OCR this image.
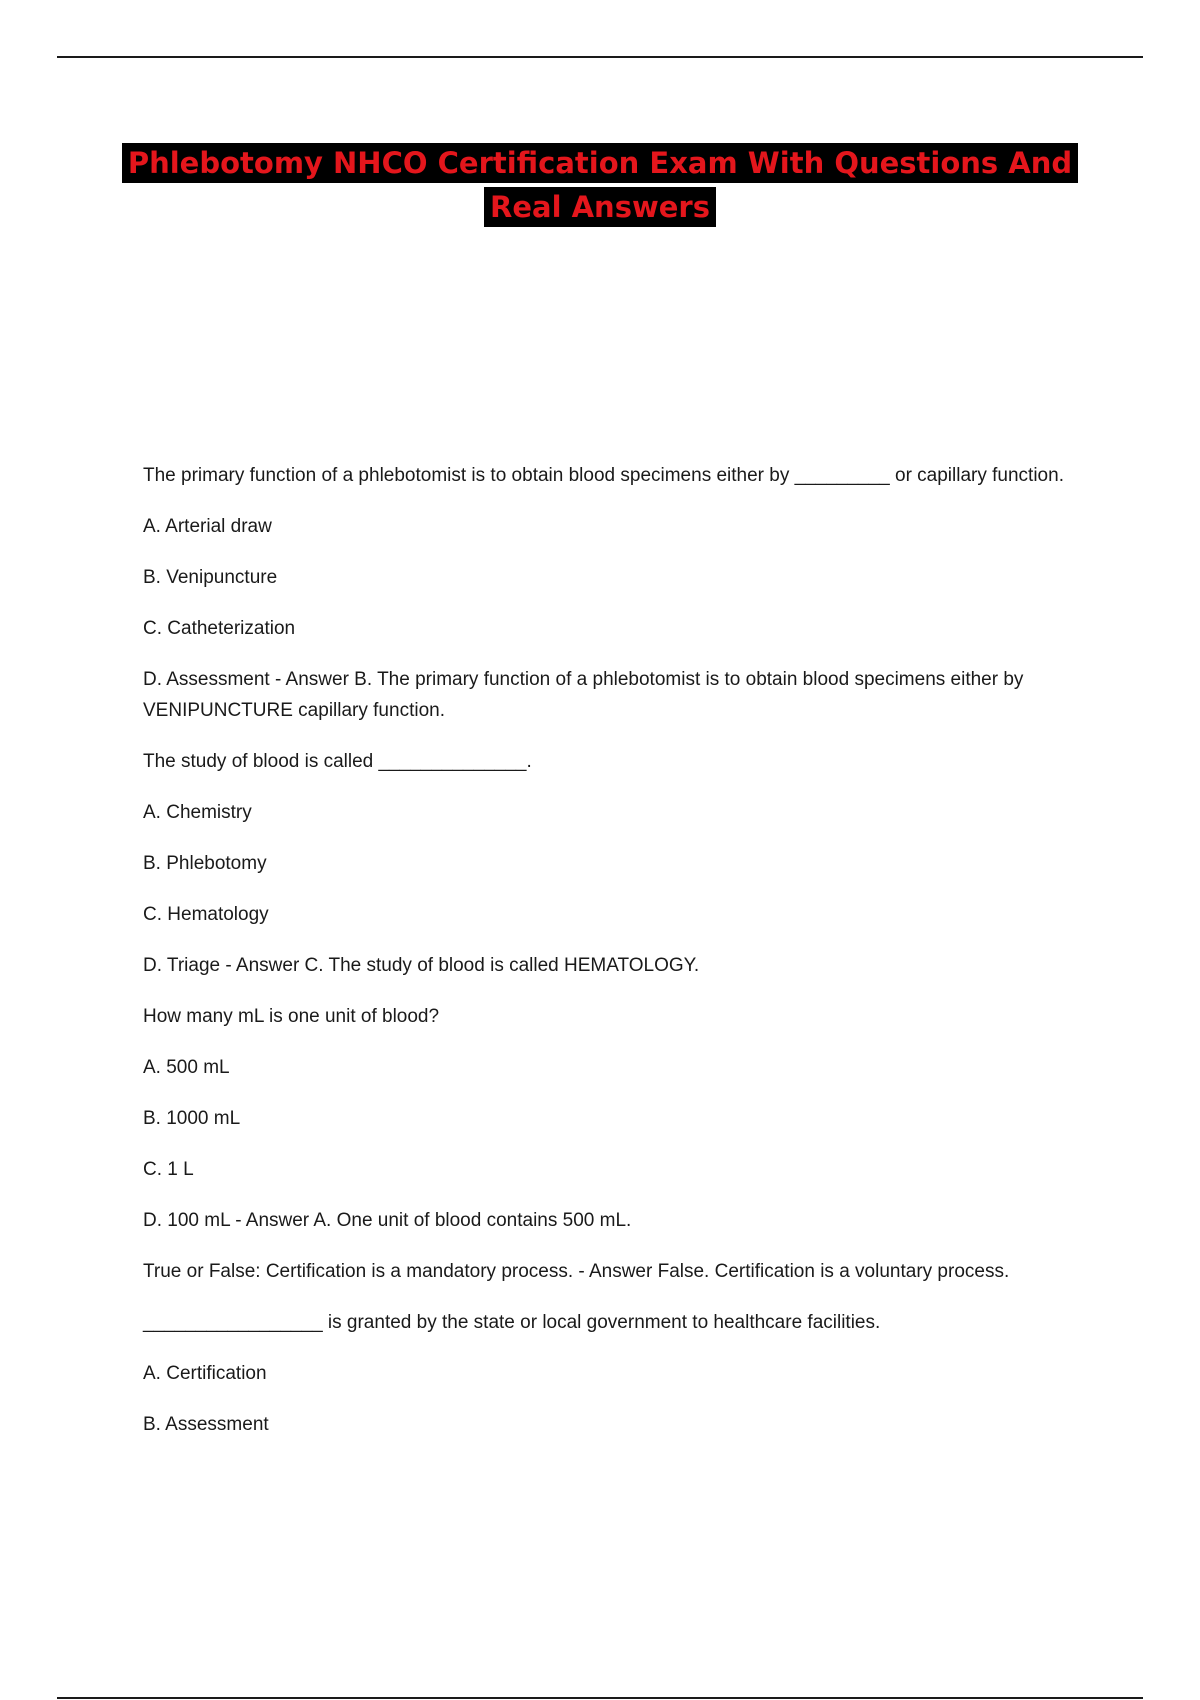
Phlebotomy NHCO Certification Exam With Questions And
Real Answers

The primary function of a phlebotomist is to obtain blood specimens either by _________ or capillary function.

A. Arterial draw

B. Venipuncture

C. Catheterization

D. Assessment - Answer B. The primary function of a phlebotomist is to obtain blood specimens either by VENIPUNCTURE capillary function.

The study of blood is called ______________.

A. Chemistry

B. Phlebotomy

C. Hematology

D. Triage - Answer C. The study of blood is called HEMATOLOGY.

How many mL is one unit of blood?

A. 500 mL

B. 1000 mL

C. 1 L

D. 100 mL - Answer A. One unit of blood contains 500 mL.

True or False: Certification is a mandatory process. - Answer False. Certification is a voluntary process.

_________________ is granted by the state or local government to healthcare facilities.

A. Certification

B. Assessment
